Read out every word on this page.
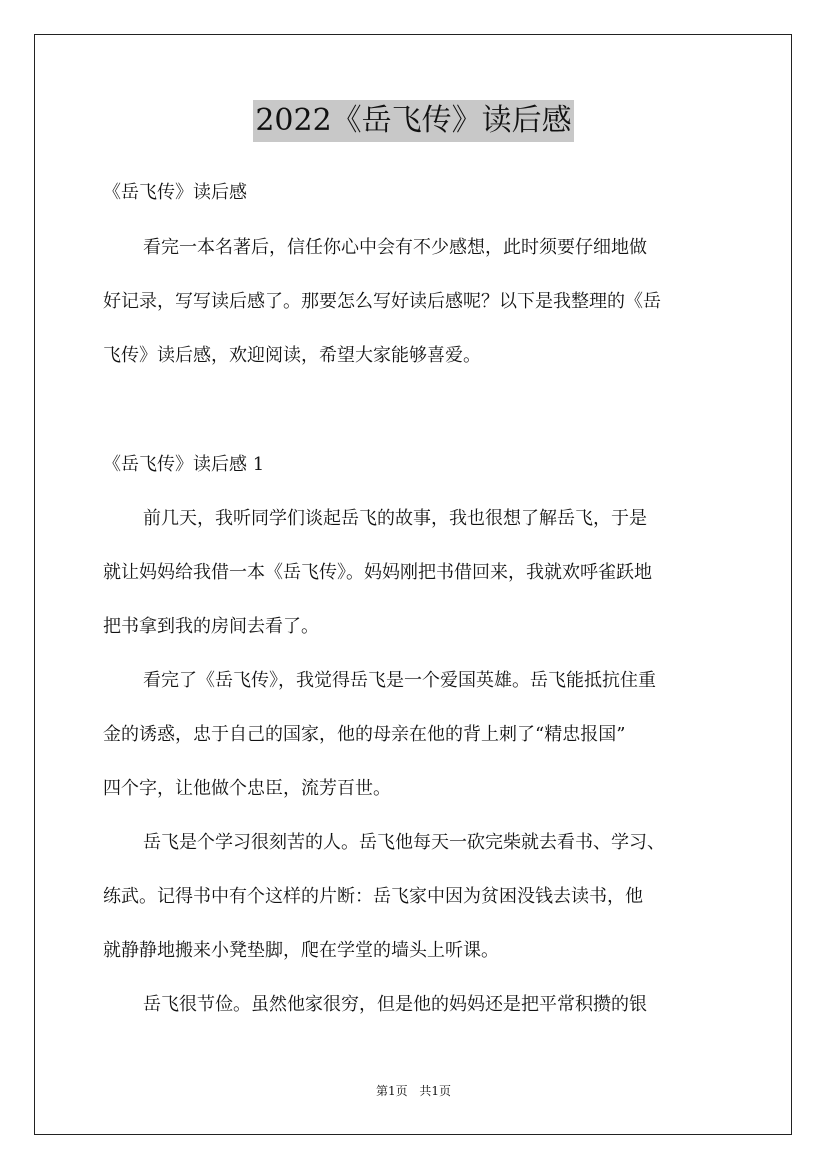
2022《岳飞传》读后感
《岳飞传》读后感
看完一本名著后，信任你心中会有不少感想，此时须要仔细地做
好记录，写写读后感了。那要怎么写好读后感呢？以下是我整理的《岳
飞传》读后感，欢迎阅读，希望大家能够喜爱。
《岳飞传》读后感 1
前几天，我听同学们谈起岳飞的故事，我也很想了解岳飞，于是
就让妈妈给我借一本《岳飞传》。妈妈刚把书借回来，我就欢呼雀跃地
把书拿到我的房间去看了。
看完了《岳飞传》，我觉得岳飞是一个爱国英雄。岳飞能抵抗住重
金的诱惑，忠于自己的国家，他的母亲在他的背上刺了“精忠报国”
四个字，让他做个忠臣，流芳百世。
岳飞是个学习很刻苦的人。岳飞他每天一砍完柴就去看书、学习、
练武。记得书中有个这样的片断：岳飞家中因为贫困没钱去读书，他
就静静地搬来小凳垫脚，爬在学堂的墙头上听课。
岳飞很节俭。虽然他家很穷，但是他的妈妈还是把平常积攒的银
第1页 共1页
